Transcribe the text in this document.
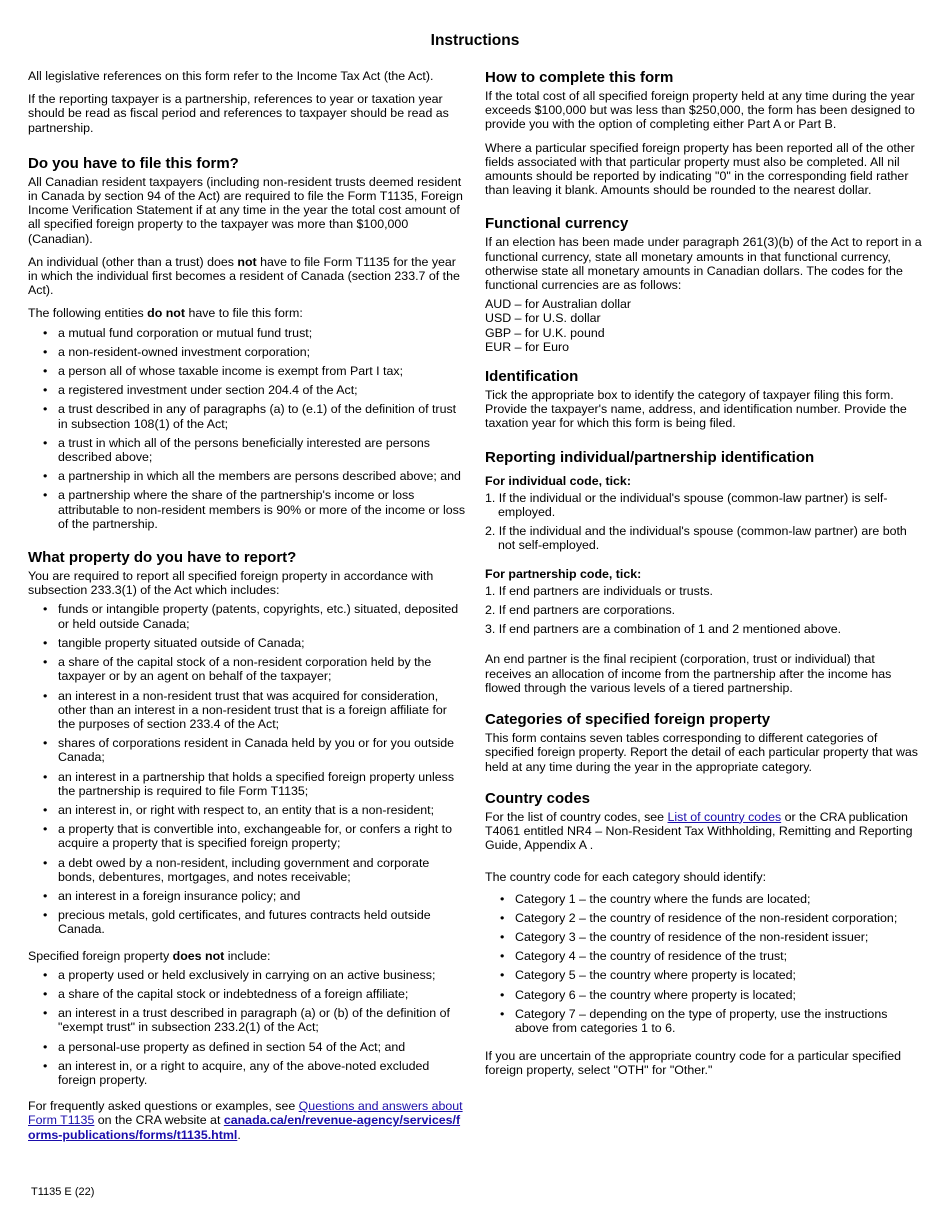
Instructions

All legislative references on this form refer to the Income Tax Act (the Act).

If the reporting taxpayer is a partnership, references to year or taxation year should be read as fiscal period and references to taxpayer should be read as partnership.

Do you have to file this form?

All Canadian resident taxpayers (including non-resident trusts deemed resident in Canada by section 94 of the Act) are required to file the Form T1135, Foreign Income Verification Statement if at any time in the year the total cost amount of all specified foreign property to the taxpayer was more than $100,000 (Canadian).

An individual (other than a trust) does not have to file Form T1135 for the year in which the individual first becomes a resident of Canada (section 233.7 of the Act).

The following entities do not have to file this form:

• a mutual fund corporation or mutual fund trust;
• a non-resident-owned investment corporation;
• a person all of whose taxable income is exempt from Part I tax;
• a registered investment under section 204.4 of the Act;
• a trust described in any of paragraphs (a) to (e.1) of the definition of trust in subsection 108(1) of the Act;
• a trust in which all of the persons beneficially interested are persons described above;
• a partnership in which all the members are persons described above; and
• a partnership where the share of the partnership's income or loss attributable to non-resident members is 90% or more of the income or loss of the partnership.
What property do you have to report?

You are required to report all specified foreign property in accordance with subsection 233.3(1) of the Act which includes:

• funds or intangible property (patents, copyrights, etc.) situated, deposited or held outside Canada;
• tangible property situated outside of Canada;
• a share of the capital stock of a non-resident corporation held by the taxpayer or by an agent on behalf of the taxpayer;
• an interest in a non-resident trust that was acquired for consideration, other than an interest in a non-resident trust that is a foreign affiliate for the purposes of section 233.4 of the Act;
• shares of corporations resident in Canada held by you or for you outside Canada;
• an interest in a partnership that holds a specified foreign property unless the partnership is required to file Form T1135;
• an interest in, or right with respect to, an entity that is a non-resident;
• a property that is convertible into, exchangeable for, or confers a right to acquire a property that is specified foreign property;
• a debt owed by a non-resident, including government and corporate bonds, debentures, mortgages, and notes receivable;
• an interest in a foreign insurance policy; and
• precious metals, gold certificates, and futures contracts held outside Canada.

Specified foreign property does not include:

• a property used or held exclusively in carrying on an active business;
• a share of the capital stock or indebtedness of a foreign affiliate;
• an interest in a trust described in paragraph (a) or (b) of the definition of "exempt trust" in subsection 233.2(1) of the Act;
• a personal-use property as defined in section 54 of the Act; and
• an interest in, or a right to acquire, any of the above-noted excluded foreign property.

For frequently asked questions or examples, see Questions and answers about Form T1135 on the CRA website at canada.ca/en/revenue-agency/services/forms-publications/forms/t1135.html.

How to complete this form

If the total cost of all specified foreign property held at any time during the year exceeds $100,000 but was less than $250,000, the form has been designed to provide you with the option of completing either Part A or Part B.

Where a particular specified foreign property has been reported all of the other fields associated with that particular property must also be completed. All nil amounts should be reported by indicating "0" in the corresponding field rather than leaving it blank. Amounts should be rounded to the nearest dollar.

Functional currency

If an election has been made under paragraph 261(3)(b) of the Act to report in a functional currency, state all monetary amounts in that functional currency, otherwise state all monetary amounts in Canadian dollars. The codes for the functional currencies are as follows:

AUD – for Australian dollar
USD – for U.S. dollar
GBP – for U.K. pound
EUR – for Euro
Identification

Tick the appropriate box to identify the category of taxpayer filing this form. Provide the taxpayer's name, address, and identification number. Provide the taxation year for which this form is being filed.

Reporting individual/partnership identification
For individual code, tick:
1. If the individual or the individual's spouse (common-law partner) is self-employed.
2. If the individual and the individual's spouse (common-law partner) are both not self-employed.
For partnership code, tick:
1. If end partners are individuals or trusts.
2. If end partners are corporations.
3. If end partners are a combination of 1 and 2 mentioned above.

An end partner is the final recipient (corporation, trust or individual) that receives an allocation of income from the partnership after the income has flowed through the various levels of a tiered partnership.

Categories of specified foreign property

This form contains seven tables corresponding to different categories of specified foreign property. Report the detail of each particular property that was held at any time during the year in the appropriate category.

Country codes

For the list of country codes, see List of country codes or the CRA publication T4061 entitled NR4 – Non-Resident Tax Withholding, Remitting and Reporting Guide, Appendix A .

The country code for each category should identify:

• Category 1 – the country where the funds are located;
• Category 2 – the country of residence of the non-resident corporation;
• Category 3 – the country of residence of the non-resident issuer;
• Category 4 – the country of residence of the trust;
• Category 5 – the country where property is located;
• Category 6 – the country where property is located;
• Category 7 – depending on the type of property, use the instructions above from categories 1 to 6.

If you are uncertain of the appropriate country code for a particular specified foreign property, select "OTH" for "Other."

T1135 E (22)
